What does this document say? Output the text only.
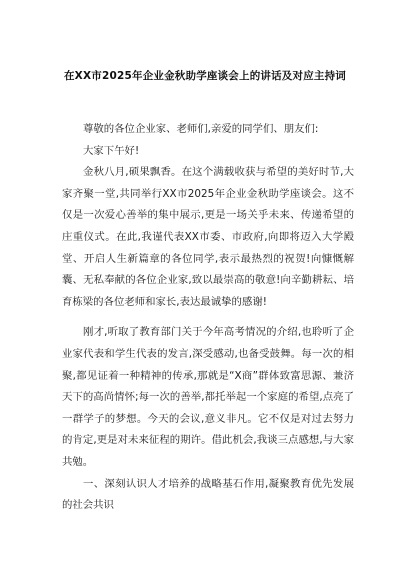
在XX市2025年企业金秋助学座谈会上的讲话及对应主持词

尊敬的各位企业家、老师们,亲爱的同学们、朋友们:

大家下午好!

金秋八月,硕果飘香。在这个满载收获与希望的美好时节,大家齐聚一堂,共同举行XX市2025年企业金秋助学座谈会。这不仅是一次爱心善举的集中展示,更是一场关乎未来、传递希望的庄重仪式。在此,我谨代表XX市委、市政府,向即将迈入大学殿堂、开启人生新篇章的各位同学,表示最热烈的祝贺!向慷慨解囊、无私奉献的各位企业家,致以最崇高的敬意!向辛勤耕耘、培育栋梁的各位老师和家长,表达最诚挚的感谢!

刚才,听取了教育部门关于今年高考情况的介绍,也聆听了企业家代表和学生代表的发言,深受感动,也备受鼓舞。每一次的相聚,都见证着一种精神的传承,那就是“X商”群体致富思源、兼济天下的高尚情怀;每一次的善举,都托举起一个家庭的希望,点亮了一群学子的梦想。今天的会议,意义非凡。它不仅是对过去努力的肯定,更是对未来征程的期许。借此机会,我谈三点感想,与大家共勉。

一、深刻认识人才培养的战略基石作用,凝聚教育优先发展的社会共识
